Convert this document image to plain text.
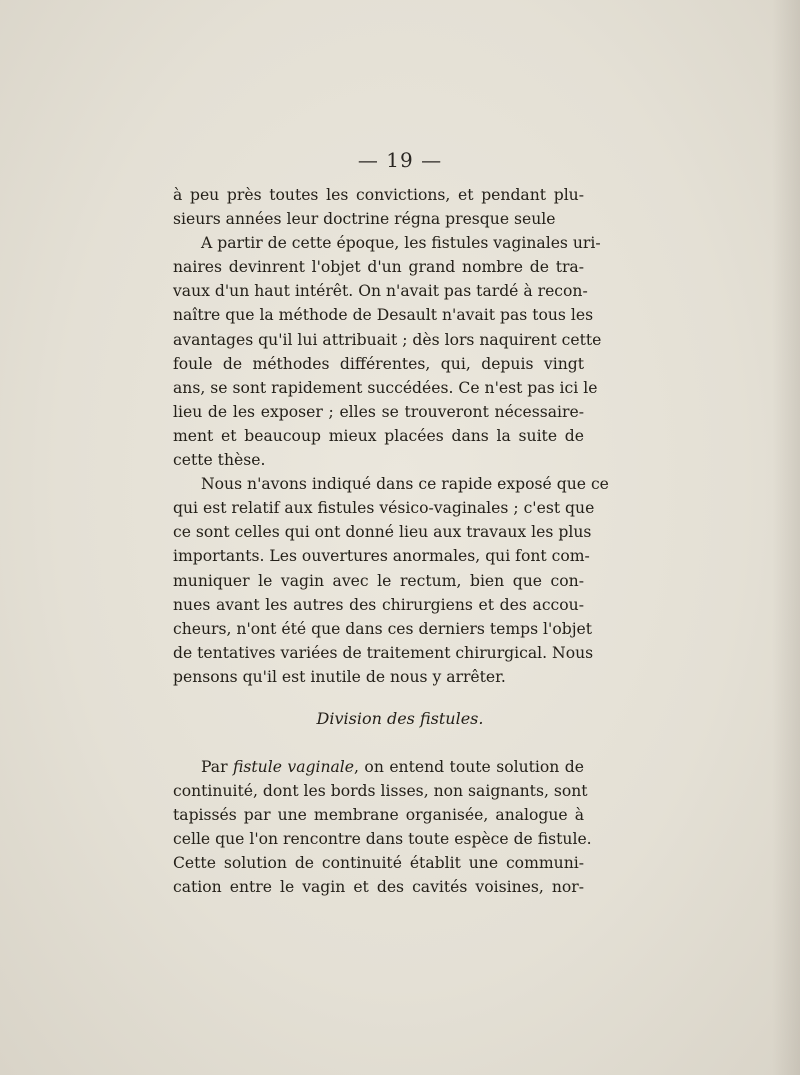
— 19 —
à peu près toutes les convictions, et pendant plu-
sieurs années leur doctrine régna presque seule
A partir de cette époque, les fistules vaginales uri-
naires devinrent l'objet d'un grand nombre de tra-
vaux d'un haut intérêt. On n'avait pas tardé à recon-
naître que la méthode de Desault n'avait pas tous les
avantages qu'il lui attribuait ; dès lors naquirent cette
foule de méthodes différentes, qui, depuis vingt
ans, se sont rapidement succédées. Ce n'est pas ici le
lieu de les exposer ; elles se trouveront nécessaire-
ment et beaucoup mieux placées dans la suite de
cette thèse.
Nous n'avons indiqué dans ce rapide exposé que ce
qui est relatif aux fistules vésico-vaginales ; c'est que
ce sont celles qui ont donné lieu aux travaux les plus
importants. Les ouvertures anormales, qui font com-
muniquer le vagin avec le rectum, bien que con-
nues avant les autres des chirurgiens et des accou-
cheurs, n'ont été que dans ces derniers temps l'objet
de tentatives variées de traitement chirurgical. Nous
pensons qu'il est inutile de nous y arrêter.
Division des fistules.
Par fistule vaginale, on entend toute solution de
continuité, dont les bords lisses, non saignants, sont
tapissés par une membrane organisée, analogue à
celle que l'on rencontre dans toute espèce de fistule.
Cette solution de continuité établit une communi-
cation entre le vagin et des cavités voisines, nor-
